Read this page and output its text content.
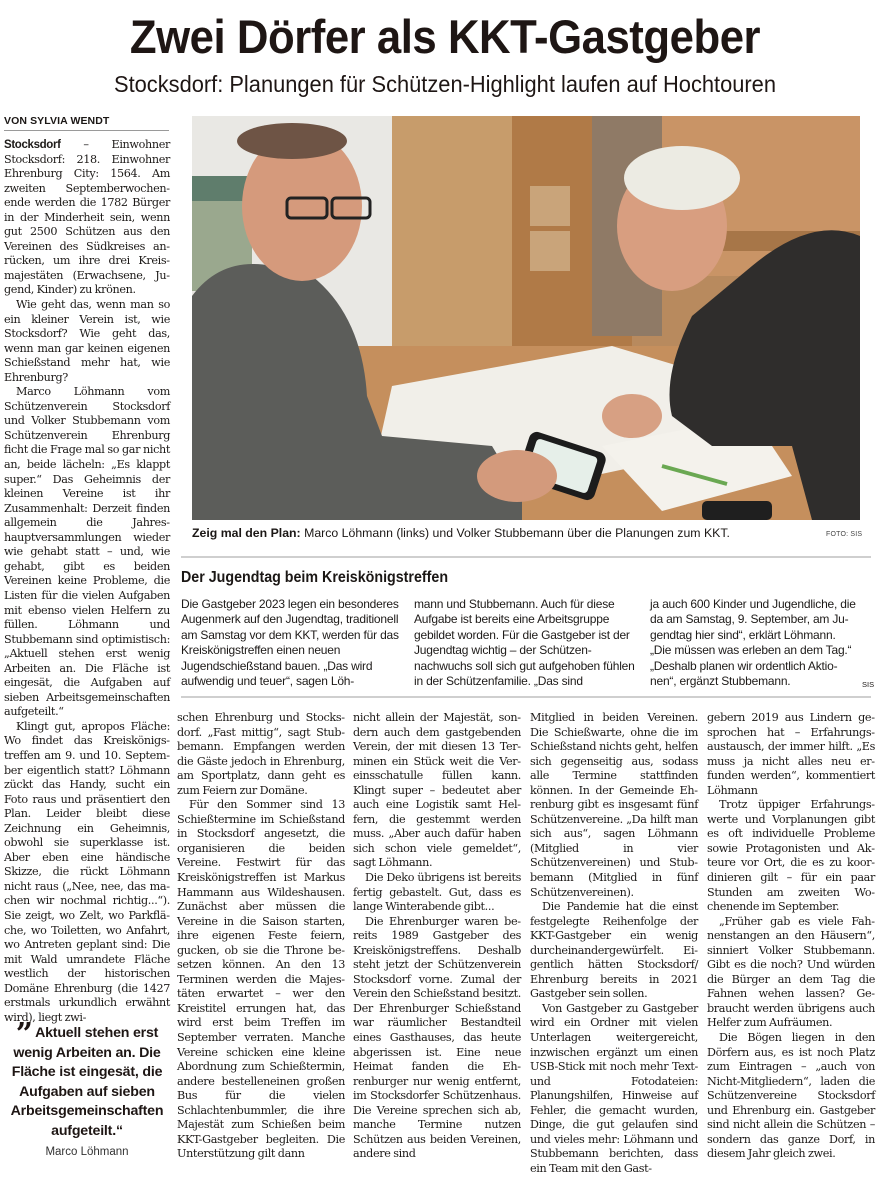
Zwei Dörfer als KKT-Gastgeber
Stocksdorf: Planungen für Schützen-Highlight laufen auf Hochtouren
VON SYLVIA WENDT

Stocksdorf – Einwohner Stocksdorf: 218. Einwohner Ehrenburg City: 1564. Am zweiten Septemberwochenende werden die 1782 Bürger in der Minderheit sein, wenn gut 2500 Schützen aus den Vereinen des Südkreises anrücken, um ihre drei Kreismajestäten (Erwachsene, Jugend, Kinder) zu krönen.

Wie geht das, wenn man so ein kleiner Verein ist, wie Stocksdorf? Wie geht das, wenn man gar keinen eigenen Schießstand mehr hat, wie Ehrenburg?

Marco Löhmann vom Schützenverein Stocksdorf und Volker Stubbemann vom Schützenverein Ehrenburg ficht die Frage mal so gar nicht an, beide lächeln: „Es klappt super.“ Das Geheimnis der kleinen Vereine ist ihr Zusammenhalt: Derzeit finden allgemein die Jahreshauptversammlungen wieder wie gehabt statt – und, wie gehabt, gibt es beiden Vereinen keine Probleme, die Listen für die vielen Aufgaben mit ebenso vielen Helfern zu füllen. Löhmann und Stubbemann sind optimistisch: „Aktuell stehen erst wenig Arbeiten an. Die Fläche ist eingesät, die Aufgaben auf sieben Arbeitsgemeinschaften aufgeteilt.“

Klingt gut, apropos Fläche: Wo findet das Kreiskönigstreffen am 9. und 10. September eigentlich statt? Löhmann zückt das Handy, sucht ein Foto raus und präsentiert den Plan. Leider bleibt diese Zeichnung ein Geheimnis, obwohl sie superklasse ist. Aber eben eine händische Skizze, die rückt Löhmann nicht raus („Nee, nee, das machen wir nochmal richtig...“). Sie zeigt, wo Zelt, wo Parkfläche, wo Toiletten, wo Anfahrt, wo Antreten geplant sind: Die mit Wald umrandete Fläche westlich der historischen Domäne Ehrenburg (die 1427 erstmals urkundlich erwähnt wird), liegt zwi-

Zeig mal den Plan: Marco Löhmann (links) und Volker Stubbemann über die Planungen zum KKT.	FOTO: SIS
Der Jugendtag beim Kreiskönigstreffen
Die Gastgeber 2023 legen ein besonderes Augenmerk auf den Jugendtag, traditionell am Samstag vor dem KKT, werden für das Kreiskönigstreffen einen neuen Jugendschießstand bauen. „Das wird aufwendig und teuer“, sagen Löh-
mann und Stubbemann. Auch für diese Aufgabe ist bereits eine Arbeitsgruppe gebildet worden. Für die Gastgeber ist der Jugendtag wichtig – der Schützennachwuchs soll sich gut aufgehoben fühlen in der Schützenfamilie. „Das sind
ja auch 600 Kinder und Jugendliche, die da am Samstag, 9. September, am Jugendtag hier sind“, erklärt Löhmann. „Die müssen was erleben an dem Tag.“ „Deshalb planen wir ordentlich Aktionen“, ergänzt Stubbemann.	SIS

schen Ehrenburg und Stocksdorf. „Fast mittig“, sagt Stubbemann. Empfangen werden die Gäste jedoch in Ehrenburg, am Sportplatz, dann geht es zum Feiern zur Domäne.

Für den Sommer sind 13 Schießtermine im Schießstand in Stocksdorf angesetzt, die organisieren die beiden Vereine. Festwirt für das Kreiskönigstreffen ist Markus Hammann aus Wildeshausen. Zunächst aber müssen die Vereine in die Saison starten, ihre eigenen Feste feiern, gucken, ob sie die Throne besetzen können. An den 13 Terminen werden die Majestäten erwartet – wer den Kreistitel errungen hat, das wird erst beim Treffen im September verraten. Manche Vereine schicken eine kleine Abordnung zum Schießtermin, andere bestelleneinen großen Bus für die vielen Schlachtenbummler, die ihre Majestät zum Schießen beim KKT-Gastgeber begleiten. Die Unterstützung gilt dann

nicht allein der Majestät, sondern auch dem gastgebenden Verein, der mit diesen 13 Terminen ein Stück weit die Vereinsschatulle füllen kann. Klingt super – bedeutet aber auch eine Logistik samt Helfern, die gestemmt werden muss. „Aber auch dafür haben sich schon viele gemeldet“, sagt Löhmann.

Die Deko übrigens ist bereits fertig gebastelt. Gut, dass es lange Winterabende gibt...

Die Ehrenburger waren bereits 1989 Gastgeber des Kreiskönigstreffens. Deshalb steht jetzt der Schützenverein Stocksdorf vorne. Zumal der Verein den Schießstand besitzt. Der Ehrenburger Schießstand war räumlicher Bestandteil eines Gasthauses, das heute abgerissen ist. Eine neue Heimat fanden die Ehrenburger nur wenig entfernt, im Stocksdorfer Schützenhaus. Die Vereine sprechen sich ab, manche Termine nutzen Schützen aus beiden Vereinen, andere sind

Mitglied in beiden Vereinen. Die Schießwarte, ohne die im Schießstand nichts geht, helfen sich gegenseitig aus, sodass alle Termine stattfinden können. In der Gemeinde Ehrenburg gibt es insgesamt fünf Schützenvereine. „Da hilft man sich aus“, sagen Löhmann (Mitglied in vier Schützenvereinen) und Stubbemann (Mitglied in fünf Schützenvereinen).

Die Pandemie hat die einst festgelegte Reihenfolge der KKT-Gastgeber ein wenig durcheinandergewürfelt. Eigentlich hätten Stocksdorf/ Ehrenburg bereits in 2021 Gastgeber sein sollen.

Von Gastgeber zu Gastgeber wird ein Ordner mit vielen Unterlagen weitergereicht, inzwischen ergänzt um einen USB-Stick mit noch mehr Text- und Fotodateien: Planungshilfen, Hinweise auf Fehler, die gemacht wurden, Dinge, die gut gelaufen sind und vieles mehr: Löhmann und Stubbemann berichten, dass ein Team mit den Gast-

gebern 2019 aus Lindern gesprochen hat – Erfahrungsaustausch, der immer hilft. „Es muss ja nicht alles neu erfunden werden“, kommentiert Löhmann

Trotz üppiger Erfahrungswerte und Vorplanungen gibt es oft individuelle Probleme sowie Protagonisten und Akteure vor Ort, die es zu koordinieren gilt – für ein paar Stunden am zweiten Wochenende im September.

„Früher gab es viele Fahnenstangen an den Häusern“, sinniert Volker Stubbemann. Gibt es die noch? Und würden die Bürger an dem Tag die Fahnen wehen lassen? Gebraucht werden übrigens auch Helfer zum Aufräumen.

Die Bögen liegen in den Dörfern aus, es ist noch Platz zum Eintragen – „auch von Nicht-Mitgliedern“, laden die Schützenvereine Stocksdorf und Ehrenburg ein. Gastgeber sind nicht allein die Schützen – sondern das ganze Dorf, in diesem Jahr gleich zwei.

” Aktuell stehen erst wenig Arbeiten an. Die Fläche ist eingesät, die Aufgaben auf sieben Arbeitsgemeinschaften aufgeteilt.“

Marco Löhmann
